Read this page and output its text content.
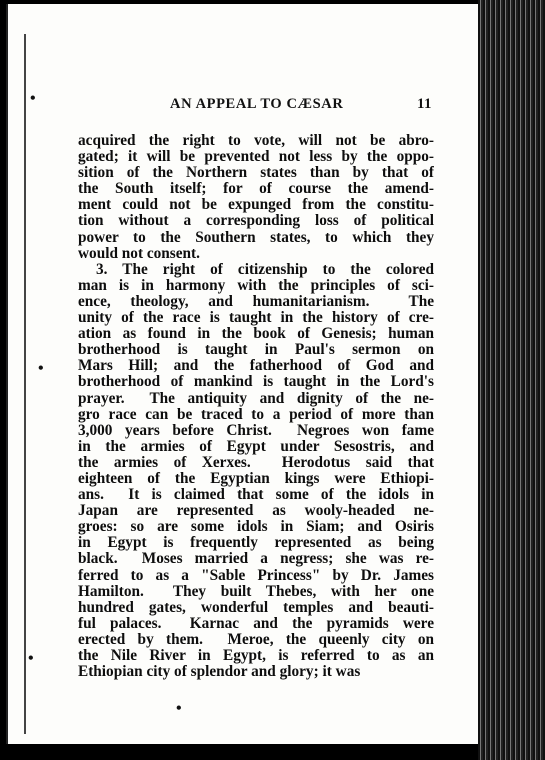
•
•
•
•
AN APPEAL TO CÆSAR	11
acquired the right to vote, will not be abro-
gated; it will be prevented not less by the oppo-
sition of the Northern states than by that of
the South itself; for of course the amend-
ment could not be expunged from the constitu-
tion without a corresponding loss of political
power to the Southern states, to which they
would not consent.
3. The right of citizenship to the colored
man is in harmony with the principles of sci-
ence, theology, and humanitarianism.  The
unity of the race is taught in the history of cre-
ation as found in the book of Genesis; human
brotherhood is taught in Paul's sermon on
Mars Hill; and the fatherhood of God and
brotherhood of mankind is taught in the Lord's
prayer.  The antiquity and dignity of the ne-
gro race can be traced to a period of more than
3,000 years before Christ.  Negroes won fame
in the armies of Egypt under Sesostris, and
the armies of Xerxes.  Herodotus said that
eighteen of the Egyptian kings were Ethiopi-
ans.  It is claimed that some of the idols in
Japan are represented as wooly-headed ne-
groes: so are some idols in Siam; and Osiris
in Egypt is frequently represented as being
black.  Moses married a negress; she was re-
ferred to as a "Sable Princess" by Dr. James
Hamilton.  They built Thebes, with her one
hundred gates, wonderful temples and beauti-
ful palaces.  Karnac and the pyramids were
erected by them.  Meroe, the queenly city on
the Nile River in Egypt, is referred to as an
Ethiopian city of splendor and glory; it was
